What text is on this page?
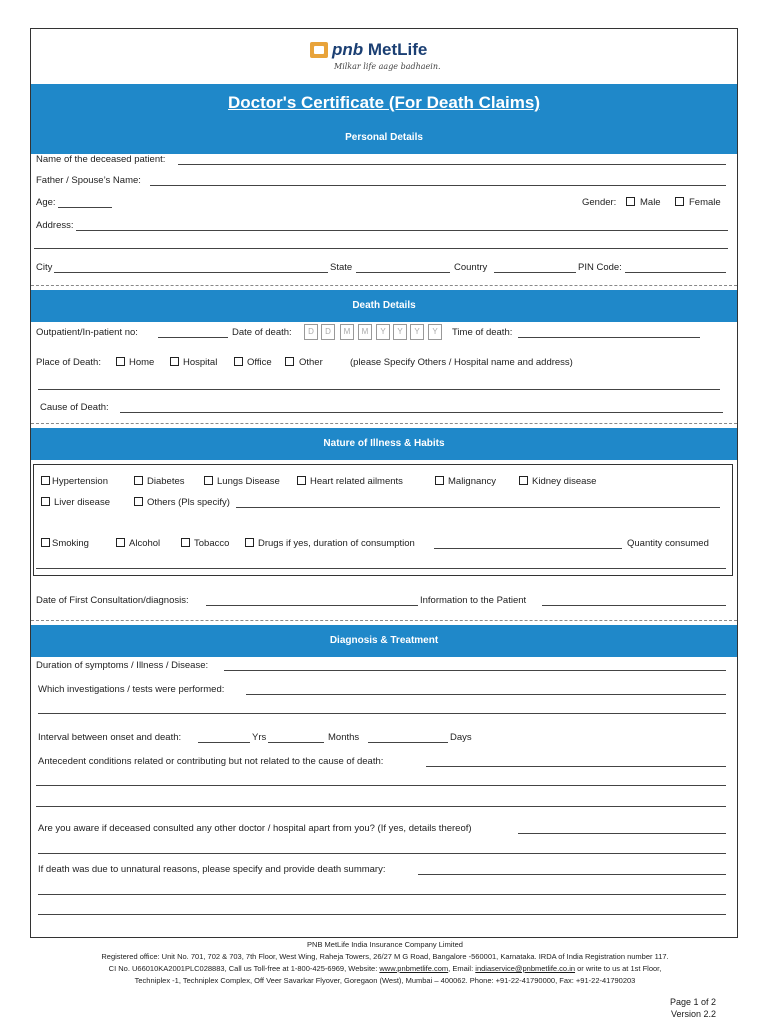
pnb MetLife
Milkar life aage badhaein.
Doctor's Certificate (For Death Claims)
Personal Details
Name of the deceased patient:
Father / Spouse’s Name:
Age:	Gender: Male	Female
Address:
City	State	Country	PIN Code:
Death Details
Outpatient/In-patient no:	Date of death:	D	D	M	M	Y	Y	Y	Y	Time of death:
Place of Death:	Home	Hospital	Office	Other	(please Specify Others / Hospital name and address)
Cause of Death:
Nature of Illness & Habits
Hypertension	Diabetes	Lungs Disease	Heart related ailments	Malignancy	Kidney disease
Liver disease	Others (Pls specify)
Smoking	Alcohol	Tobacco	Drugs if yes, duration of consumption	Quantity consumed
Date of First Consultation/diagnosis:	Information to the Patient
Diagnosis & Treatment
Duration of symptoms / Illness / Disease:
Which investigations / tests were performed:
Interval between onset and death:	Yrs	Months	Days
Antecedent conditions related or contributing but not related to the cause of death:
Are you aware if deceased consulted any other doctor / hospital apart from you? (If yes, details thereof)
If death was due to unnatural reasons, please specify and provide death summary:
PNB MetLife India Insurance Company Limited
Registered office: Unit No. 701, 702 & 703, 7th Floor, West Wing, Raheja Towers, 26/27 M G Road, Bangalore -560001, Karnataka. IRDA of India Registration number 117.
CI No. U66010KA2001PLC028883, Call us Toll-free at 1-800-425-6969, Website: www.pnbmetlife.com, Email: indiaservice@pnbmetlife.co.in or write to us at 1st Floor,
Techniplex -1, Techniplex Complex, Off Veer Savarkar Flyover, Goregaon (West), Mumbai – 400062. Phone: +91-22-41790000, Fax: +91-22-41790203
Page 1 of 2
Version 2.2
